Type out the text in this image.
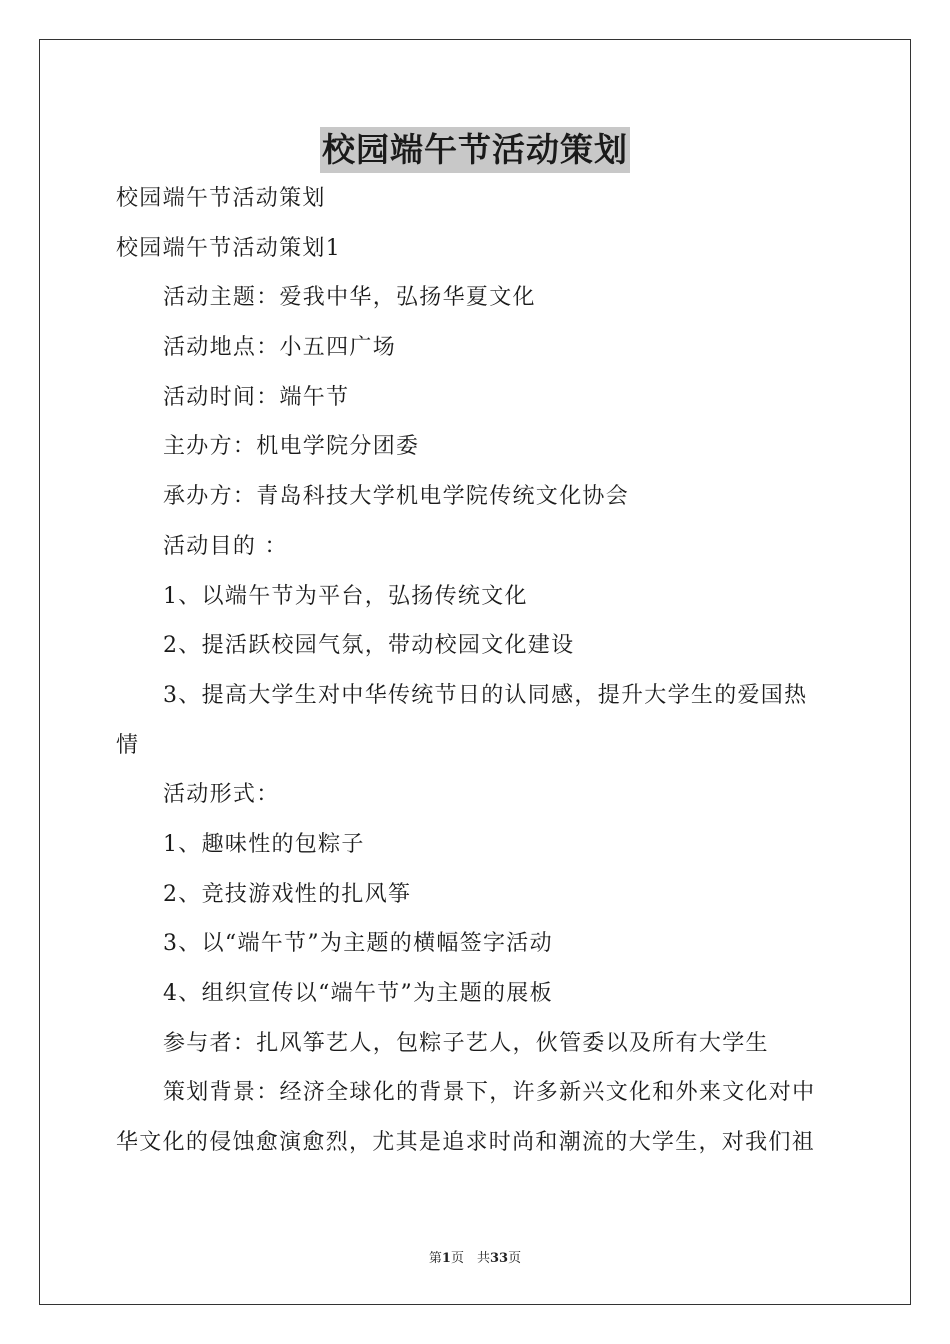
校园端午节活动策划

校园端午节活动策划

校园端午节活动策划1

活动主题：爱我中华，弘扬华夏文化

活动地点：小五四广场

活动时间：端午节

主办方：机电学院分团委

承办方：青岛科技大学机电学院传统文化协会

活动目的 ：

1、以端午节为平台，弘扬传统文化

2、提活跃校园气氛，带动校园文化建设

3、提高大学生对中华传统节日的认同感，提升大学生的爱国热

情

活动形式：

1、趣味性的包粽子

2、竞技游戏性的扎风筝

3、以“端午节”为主题的横幅签字活动

4、组织宣传以“端午节”为主题的展板

参与者：扎风筝艺人，包粽子艺人，伙管委以及所有大学生

策划背景：经济全球化的背景下，许多新兴文化和外来文化对中

华文化的侵蚀愈演愈烈，尤其是追求时尚和潮流的大学生，对我们祖

第1页　共33页
